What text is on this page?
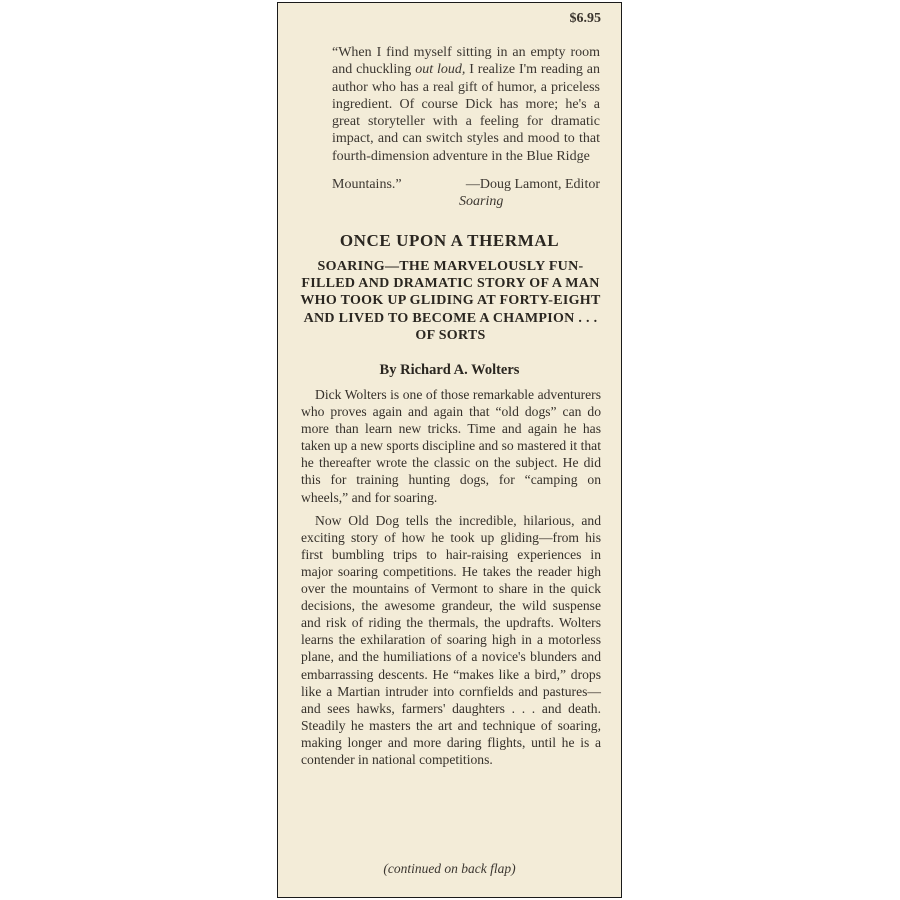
$6.95
“When I find myself sitting in an empty room and chuckling out loud, I realize I'm reading an author who has a real gift of humor, a priceless ingredient. Of course Dick has more; he's a great storyteller with a feeling for dramatic impact, and can switch styles and mood to that fourth-dimension adventure in the Blue Ridge
Mountains.”	—Doug Lamont, Editor
Soaring
ONCE UPON A THERMAL
SOARING—THE MARVELOUSLY FUN-FILLED AND DRAMATIC STORY OF A MAN WHO TOOK UP GLIDING AT FORTY-EIGHT AND LIVED TO BECOME A CHAMPION . . . OF SORTS
By Richard A. Wolters

Dick Wolters is one of those remarkable adventurers who proves again and again that “old dogs” can do more than learn new tricks. Time and again he has taken up a new sports discipline and so mastered it that he thereafter wrote the classic on the subject. He did this for training hunting dogs, for “camping on wheels,” and for soaring.

Now Old Dog tells the incredible, hilarious, and exciting story of how he took up gliding—from his first bumbling trips to hair-raising experiences in major soaring competitions. He takes the reader high over the mountains of Vermont to share in the quick decisions, the awesome grandeur, the wild suspense and risk of riding the thermals, the updrafts. Wolters learns the exhilaration of soaring high in a motorless plane, and the humiliations of a novice's blunders and embarrassing descents. He “makes like a bird,” drops like a Martian intruder into cornfields and pastures—and sees hawks, farmers' daughters . . . and death. Steadily he masters the art and technique of soaring, making longer and more daring flights, until he is a contender in national competitions.

(continued on back flap)
